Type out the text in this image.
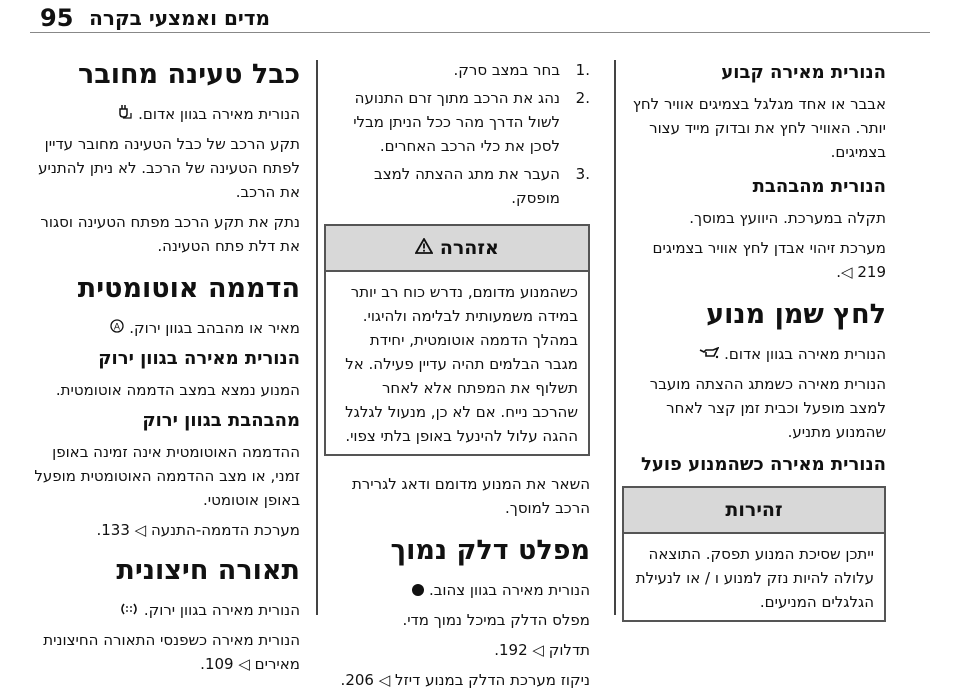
95 מדים ואמצעי בקרה
הנורית מאירה קבוע

אבבר או אחד מגלגל בצמיגים אוויר לחץ יותר. האוויר לחץ את ובדוק מייד עצור בצמיגים.

הנורית מהבהבת

תקלה במערכת. היוועץ במוסך.

מערכת זיהוי אבדן לחץ אוויר בצמיגים 219 ◁.

לחץ שמן מנוע

הנורית מאירה בגוון אדום.

הנורית מאירה כשמתג ההצתה מועבר למצב מופעל וכבית זמן קצר לאחר שהמנוע מתניע.

הנורית מאירה כשהמנוע פועל
זהירות
ייתכן שסיכת המנוע תפסק. התוצאה עלולה להיות נזק למנוע ו / או לנעילת הגלגלים המניעים.
.1
בחר במצב סרק.
.2
נהג את הרכב מתוך זרם התנועה לשול הדרך מהר ככל הניתן מבלי לסכן את כלי הרכב האחרים.
.3
העבר את מתג ההצתה למצב מופסק.
אזהרה
כשהמנוע מדומם, נדרש כוח רב יותר במידה משמעותית לבלימה ולהיגוי. במהלך הדממה אוטומטית, יחידת מגבר הבלמים תהיה עדיין פעילה. אל תשלוף את המפתח אלא לאחר שהרכב נייח. אם לא כן, מנעול לגלגל ההגה עלול להינעל באופן בלתי צפוי.

השאר את המנוע מדומם ודאג לגרירת הרכב למוסך.

מפלט דלק נמוך

הנורית מאירה בגוון צהוב.

מפלס הדלק במיכל נמוך מדי.

תדלוק ◁ 192.

ניקוז מערכת הדלק במנוע דיזל ◁ 206.

כבל טעינה מחובר

הנורית מאירה בגוון אדום.

תקע הרכב של כבל הטעינה מחובר עדיין לפתח הטעינה של הרכב. לא ניתן להתניע את הרכב.

נתק את תקע הרכב מפתח הטעינה וסגור את דלת פתח הטעינה.

הדממה אוטומטית

מאיר או מהבהב בגוון ירוק.
A

הנורית מאירה בגוון ירוק

המנוע נמצא במצב הדממה אוטומטית.

מהבהבת בגוון ירוק

ההדממה האוטומטית אינה זמינה באופן זמני, או מצב ההדממה האוטומטית מופעל באופן אוטומטי.

מערכת הדממה-התנעה ◁ 133.

תאורה חיצונית

הנורית מאירה בגוון ירוק.

הנורית מאירה כשפנסי התאורה החיצונית מאירים ◁ 109.
